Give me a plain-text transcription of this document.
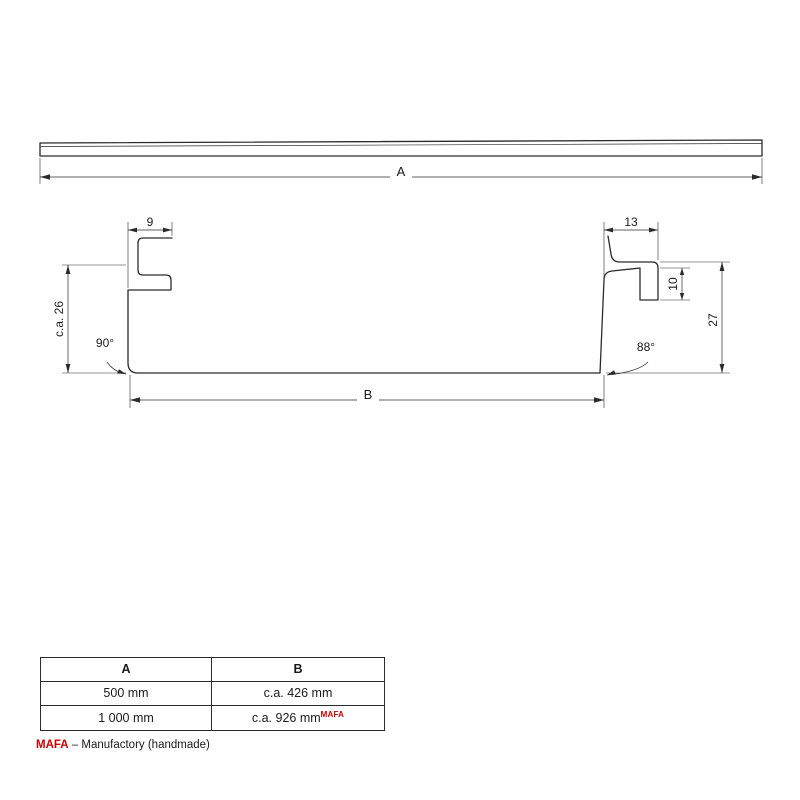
A
9	13
c.a. 26	27
10
90°	88°
B
A	B
500 mm	c.a. 426 mm
1 000 mm	c.a. 926 $mm^{MAFA}$
MAFA – Manufactory (handmade)
